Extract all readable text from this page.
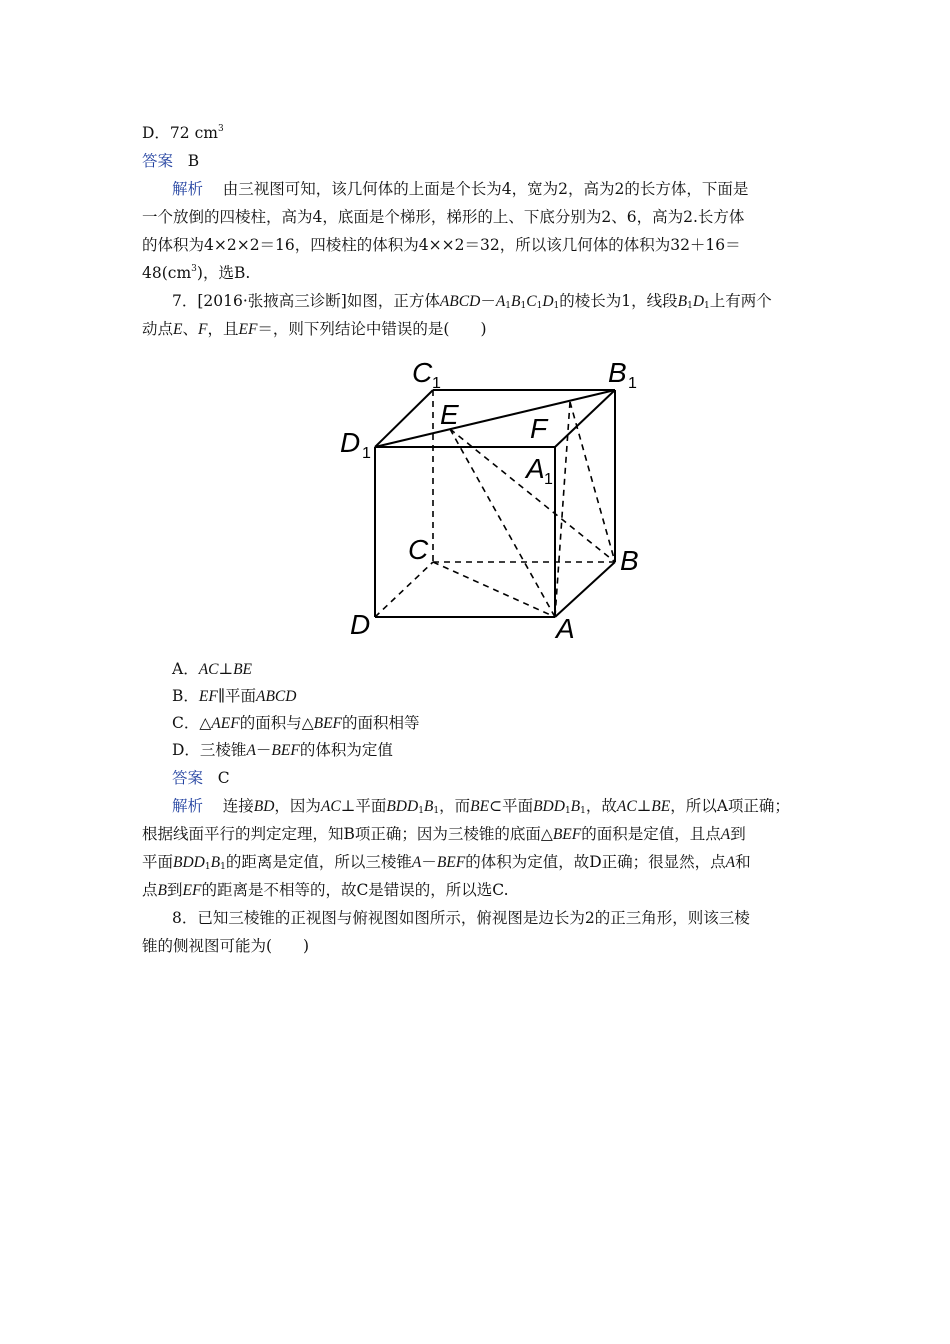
D．72 $cm^3$
答案 B
解析 由三视图可知，该几何体的上面是个长为4，宽为2，高为2的长方体，下面是
一个放倒的四棱柱，高为4，底面是个梯形，梯形的上、下底分别为2、6，高为2.长方体
的体积为4×2×2＝16，四棱柱的体积为4××2＝32，所以该几何体的体积为32＋16＝
$48(cm^3)$，选B.
7．[2016·张掖高三诊断]如图，正方体$ABCD-A_1B_1C_1D_1$的棱长为1，线段$B_1D_1$上有两个
动点E、F，且EF＝，则下列结论中错误的是(　　)
C 1	B 1
D 1
E	F
A 1
C	B
D	A
A．AC⊥BE
B．EF∥平面ABCD
C．△AEF的面积与△BEF的面积相等
D．三棱锥A－BEF的体积为定值
答案 C
解析 连接BD，因为AC⊥平面$BDD_1B_1$，而BE⊂平面$BDD_1B_1$，故AC⊥BE，所以A项正确；
根据线面平行的判定定理，知B项正确；因为三棱锥的底面△BEF的面积是定值，且点A到
平面$BDD_1B_1$的距离是定值，所以三棱锥A－BEF的体积为定值，故D正确；很显然，点A和
点B到EF的距离是不相等的，故C是错误的，所以选C.
8．已知三棱锥的正视图与俯视图如图所示，俯视图是边长为2的正三角形，则该三棱
锥的侧视图可能为(　　)
